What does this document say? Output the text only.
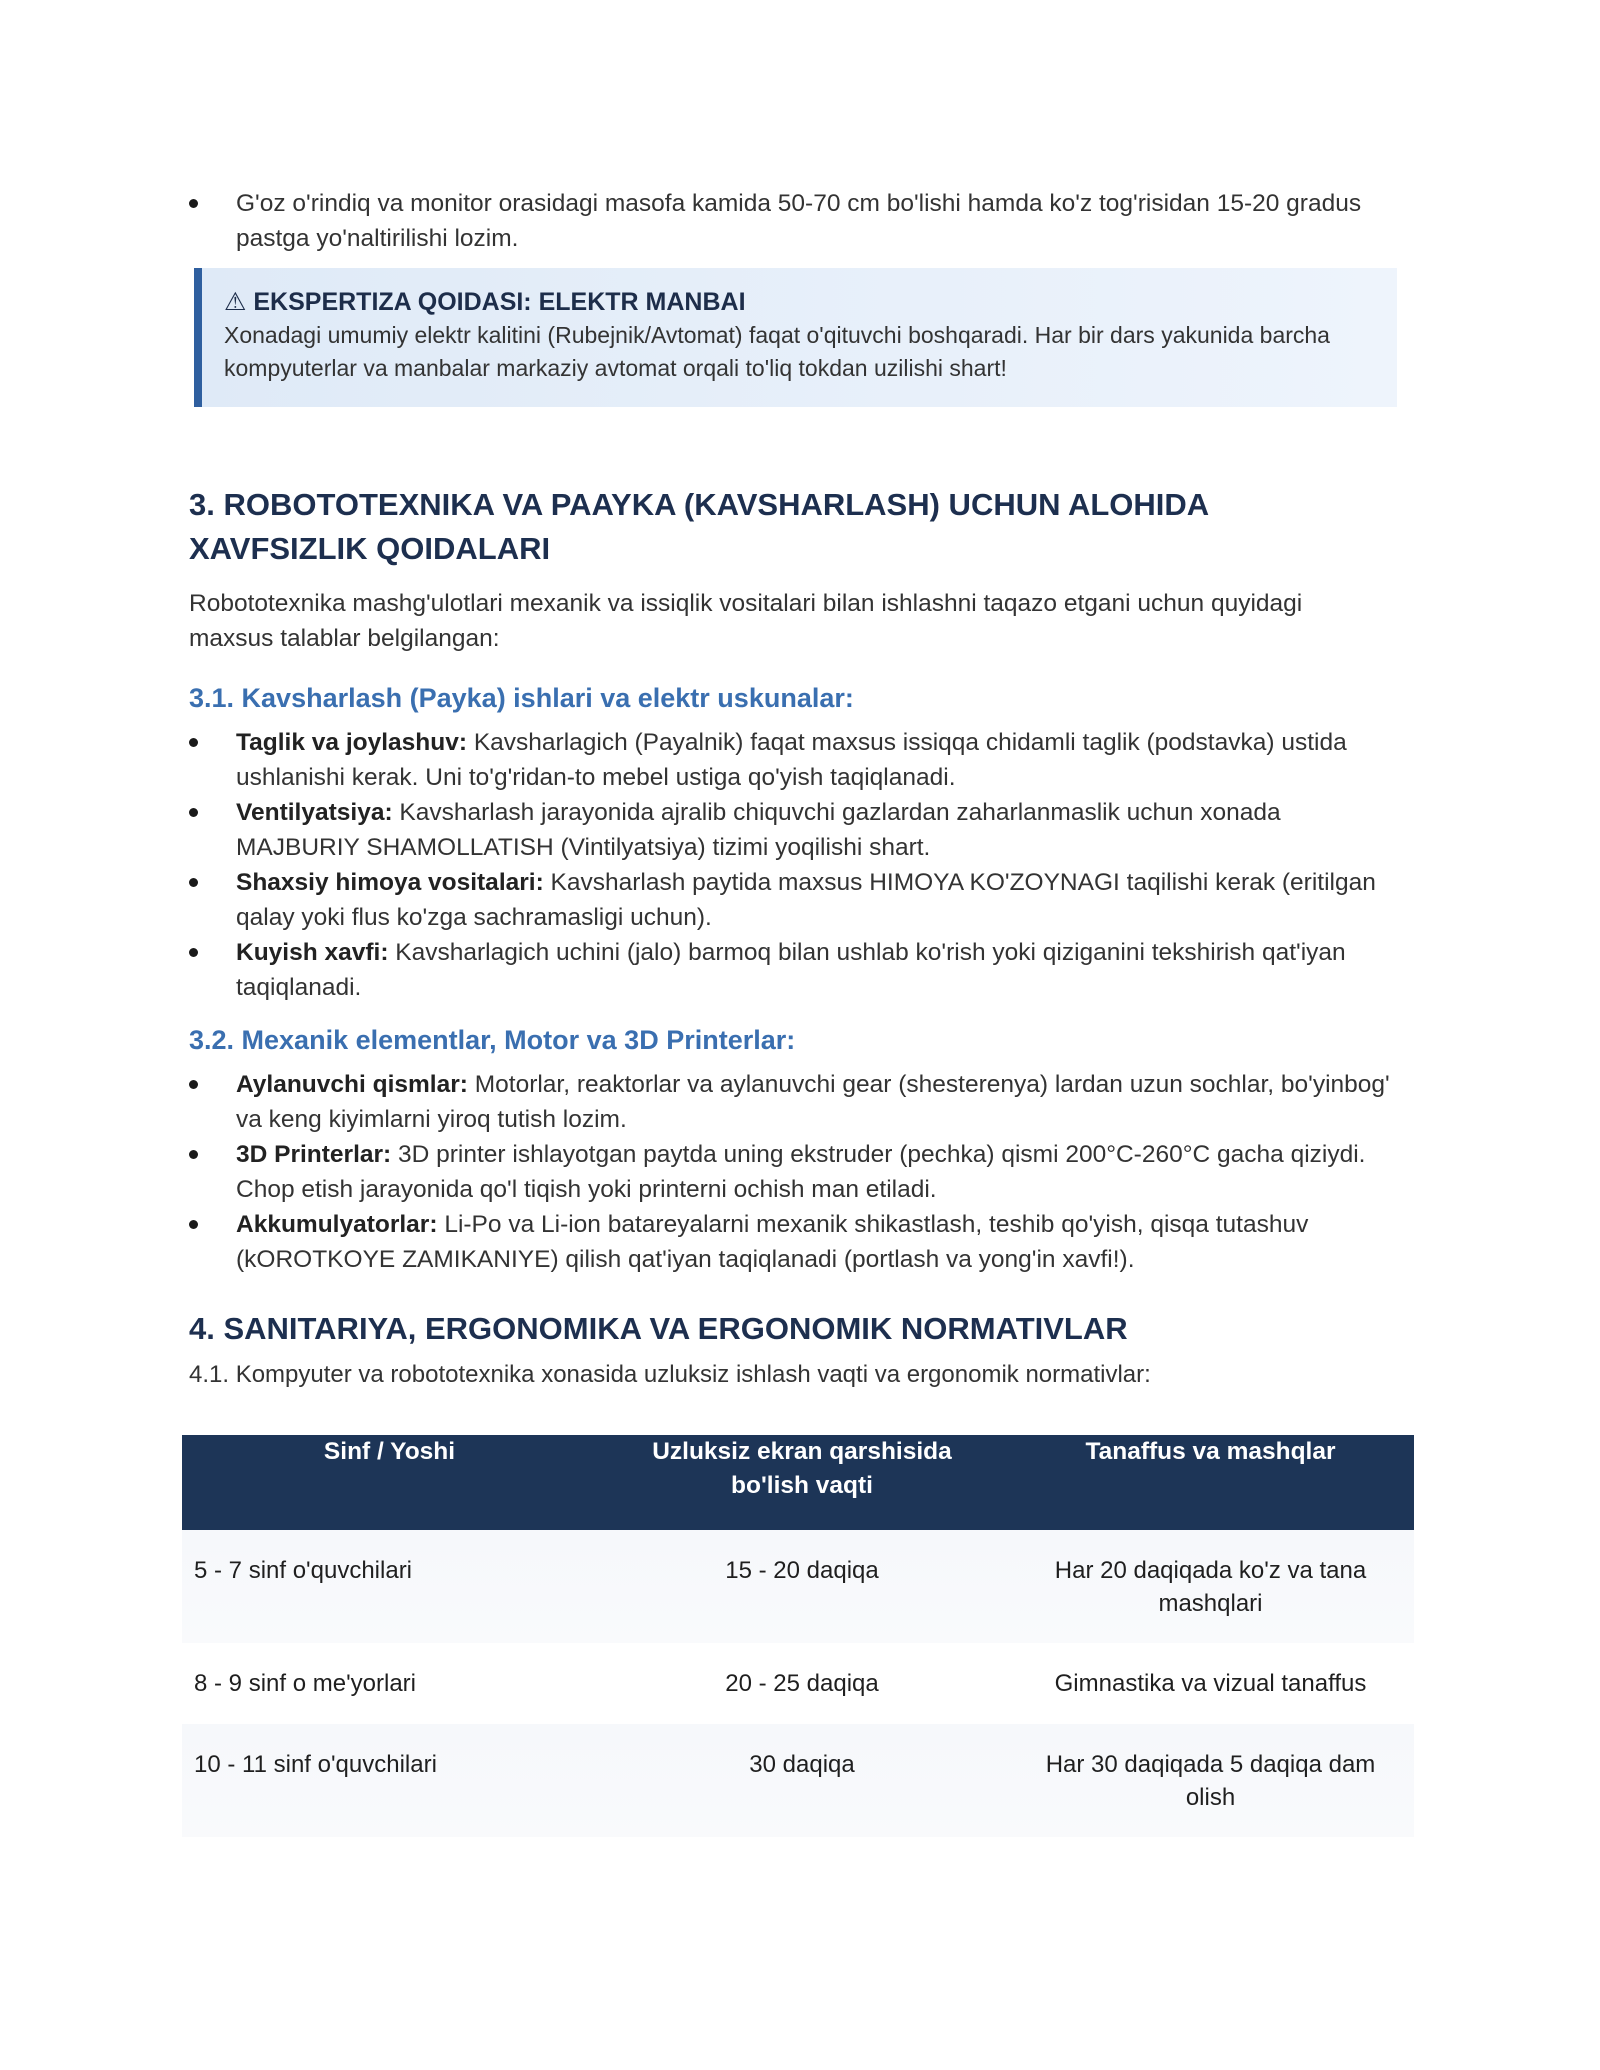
G'oz o'rindiq va monitor orasidagi masofa kamida 50-70 cm bo'lishi hamda ko'z tog'risidan 15-20 gradus pastga yo'naltirilishi lozim.
⚠ EKSPERTIZA QOIDASI: ELEKTR MANBAI
Xonadagi umumiy elektr kalitini (Rubejnik/Avtomat) faqat o'qituvchi boshqaradi. Har bir dars yakunida barcha kompyuterlar va manbalar markaziy avtomat orqali to'liq tokdan uzilishi shart!
3. ROBOTOTEXNIKA VA PAAYKA (KAVSHARLASH) UCHUN ALOHIDA XAVFSIZLIK QOIDALARI
Robototexnika mashg'ulotlari mexanik va issiqlik vositalari bilan ishlashni taqazo etgani uchun quyidagi maxsus talablar belgilangan:
3.1. Kavsharlash (Payka) ishlari va elektr uskunalar:
Taglik va joylashuv: Kavsharlagich (Payalnik) faqat maxsus issiqqa chidamli taglik (podstavka) ustida ushlanishi kerak. Uni to'g'ridan-to mebel ustiga qo'yish taqiqlanadi.
Ventilyatsiya: Kavsharlash jarayonida ajralib chiquvchi gazlardan zaharlanmaslik uchun xonada MAJBURIY SHAMOLLATISH (Vintilyatsiya) tizimi yoqilishi shart.
Shaxsiy himoya vositalari: Kavsharlash paytida maxsus HIMOYA KO'ZOYNAGI taqilishi kerak (eritilgan qalay yoki flus ko'zga sachramasligi uchun).
Kuyish xavfi: Kavsharlagich uchini (jalo) barmoq bilan ushlab ko'rish yoki qiziganini tekshirish qat'iyan taqiqlanadi.
3.2. Mexanik elementlar, Motor va 3D Printerlar:
Aylanuvchi qismlar: Motorlar, reaktorlar va aylanuvchi gear (shesterenya) lardan uzun sochlar, bo'yinbog' va keng kiyimlarni yiroq tutish lozim.
3D Printerlar: 3D printer ishlayotgan paytda uning ekstruder (pechka) qismi 200°C-260°C gacha qiziydi. Chop etish jarayonida qo'l tiqish yoki printerni ochish man etiladi.
Akkumulyatorlar: Li-Po va Li-ion batareyalarni mexanik shikastlash, teshib qo'yish, qisqa tutashuv (kOROTKOYE ZAMIKANIYE) qilish qat'iyan taqiqlanadi (portlash va yong'in xavfi!).
4. SANITARIYA, ERGONOMIKA VA ERGONOMIK NORMATIVLAR
4.1. Kompyuter va robototexnika xonasida uzluksiz ishlash vaqti va ergonomik normativlar:
Sinf / Yoshi	Uzluksiz ekran qarshisida bo'lish vaqti	Tanaffus va mashqlar
5 - 7 sinf o'quvchilari	15 - 20 daqiqa	Har 20 daqiqada ko'z va tana mashqlari
8 - 9 sinf o me'yorlari	20 - 25 daqiqa	Gimnastika va vizual tanaffus
10 - 11 sinf o'quvchilari	30 daqiqa	Har 30 daqiqada 5 daqiqa dam olish
